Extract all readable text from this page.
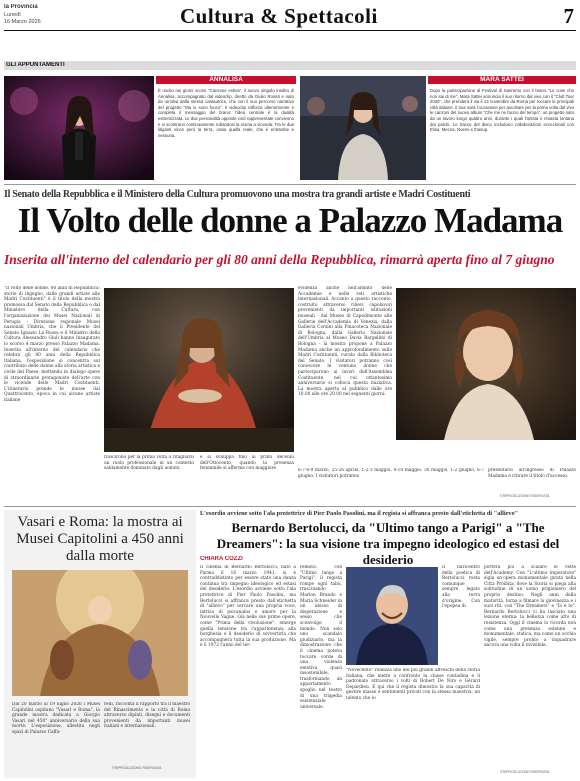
la Provincia
Lunedì
16 Marzo 2026	Cultura & Spettacoli	7
GLI APPUNTAMENTI
ANNALISA
È uscito nei giorni scorsi "Canzone estiva", il nuovo singolo inedito di Annalisa, accompagnato dal videoclip, diretto da Giulio Rosati e nato da un'idea dalla stessa cantautrice, che con il suo percorso narrativo del progetto "Ma io sono fuoco". Il videoclip rafforza ulteriormente e completa il messaggio del brano: l'idea centrale è la dualità estremizzata. Le due personalità opposte così rappresentate convivono e si scontrano continuamente rubandosi la scena a vicenda. Tra le due litiganti vince però la terra, ossia quella reale, che è entrambe e nessuna.
MARA SATTEI
Dopo la partecipazione al Festival di Sanremo con il brano "Le cose che non sai di me", Mara Sattei annuncia il suo ritorno dal vivo con il "Club Tour 2026", che prenderà il via il 13 novembre da Roma per toccare le principali città italiane. Il tour sarà l'occasione per ascoltare per la prima volta dal vivo le canzoni del nuovo album "Che me ne faccio del tempo", un progetto nato da un lavoro lungo quattro anni, durante i quali l'artista è rimasta lontana dai palchi. Le tracce del disco includono collaborazioni eccezionali con Elisa, Mecna, Noemi e thasup.
Il Senato della Repubblica e il Ministero della Cultura promuovono una mostra tra grandi artiste e Madri Costituenti
Il Volto delle donne a Palazzo Madama
Inserita all'interno del calendario per gli 80 anni della Repubblica, rimarrà aperta fino al 7 giugno
"Il volto delle donne. 80 anni di Repubblica: storie di ingegno, dalle grandi artiste alle Madri Costituenti" è il titolo della mostra promossa dal Senato della Repubblica e dal Ministero della Cultura, con l'organizzazione dei Musei Nazionali di Perugia - Direzione regionale Musei nazionali Umbria, che il Presidente del Senato Ignazio La Russa e il Ministro della Cultura Alessandro Giuli hanno inaugurato lo scorso 4 marzo presso Palazzo Madama. Inserita all'interno del calendario che celebra gli 80 anni della Repubblica Italiana, l'esposizione si concentra sul contributo delle donne alla storia artistica e civile del Paese, mettendo in dialogo opere di straordinarie protagoniste dell'arte con le vicende delle Madri Costituenti. L'itinerario prende le mosse dal Quattrocento, epoca in cui alcune artiste italiane
riuscirono per la prima volta a ritagliarsi un ruolo professionale in un contesto saldamente dominato dagli uomini,
e si sviluppa fino ai primi decenni dell'Ottocento, quando la presenza femminile si afferma con maggiore
evidenza anche nell'ambito delle Accademie e nelle reti artistiche internazionali. Accanto a questo racconto, costruito attraverso rilievi capolavori provenienti da importanti istituzioni museali - dal Museo di Capodimonte alle Gallerie dell'Accademia di Venezia, dalla Galleria Corsini alla Pinacoteca Nazionale di Bologna, dalla Galleria Nazionale dell'Umbria al Museo Davia Bargellini di Bologna - la mostra propone a Palazzo Madama anche un approfondimento sulle Madri Costituenti, curato dalla Biblioteca del Senato. I visitatori potranno così conoscere le ventuno donne che parteciparono ai lavori dell'Assemblea Costituente, nel cui ottantesimo anniversario si colloca questa iniziativa. La mostra aperta al pubblico dalle ore 10.00 alle ore 20.00 nei seguenti giorni:
6-7-8-9 marzo, 25-26 aprile, 1-2-3 maggio, 9-10 maggio, 30 maggio, 1-2 giugno, 6-7 giugno. I visitatori potranno
presentarsi all'ingresso di Palazzo Madama e ritirare il titolo d'accesso.
©RIPRODUZIONE RISERVATA
Vasari e Roma: la mostra ai Musei Capitolini a 450 anni dalla morte
Dal 20 marzo al 19 luglio 2026 i Musei Capitolini ospitano "Vasari e Roma", la grande mostra dedicata a Giorgio Vasari nel 450° anniversario della sua morte. L'esposizione, allestita negli spazi di Palazzo Caffa-
relli, racconta il rapporto tra il maestro del Rinascimento e la città di Roma attraverso dipinti, disegni e documenti provenienti da importanti musei italiani e internazionali.
©RIPRODUZIONE RISERVATA
L'esordio avviene sotto l'ala protettrice di Pier Paolo Pasolini, ma il regista si affranca presto dall'etichetta di "allievo"
Bernardo Bertolucci, da "Ultimo tango a Parigi" a "The Dreamers": la sua visione tra impegno ideologico ed estasi del desiderio
CHIARA COZZI
Il cinema di Bernardo Bertolucci, nato a Parma il 16 marzo 1941, si è contraddistinto per essere stato una danza continua tra impegno ideologico ed estasi del desiderio. L'esordio avviene sotto l'ala protettrice di Pier Paolo Pasolini, ma Bertolucci si affranca presto dall'etichetta di "allievo" per cercare una propria voce, intrisa di psicanalisi e amore per la Nouvelle Vague. Già nelle sue prime opere, come "Prima della rivoluzione", emerge quella tensione tra l'appartenenza alla borghesia e il desiderio di sovvertirla che accompagnerà tutta la sua produzione. Ma è il 1972 l'anno del ter-
remoto: con "Ultimo tango a Parigi", il regista rompe ogni tabù, trascinando Marlon Brando e Maria Schneider in un abisso di disperazione e sesso che sconvolge il mondo. Non solo uno scandalo giudiziario, ma la dimostrazione che il cinema poteva toccare corde di una violenza emotiva quasi insostenibile, trasformando un appartamento spoglio nel teatro di una tragedia esistenziale universale.
Il baricentro della poetica di Bertolucci resta comunque sempre legato alla terra d'origine. Con l'epopea di
"Novecento" realizza uno dei più grandi affreschi della storia italiana, che mette a confronto la classe contadina e il padronato attraverso i volti di Robert De Niro e Gérard Depardieu. E qui che il regista dimostra la sua capacità di gestire masse e sentimenti privati con la stessa maestria, un talento che lo
porterà poi a scalare le vette dell'Academy. Con "L'ultimo imperatore" sigla un'opera monumentale girata nella Città Proibita, dove la Storia si piega alla solitudine di un uomo prigioniero del proprio destino. Negli anni della maturità, torna a filmare la giovinezza e i suoi riti, con "The Dreamers" e "Io e te". Bernardo Bertolucci ci ha lasciato una lezione eterna: la bellezza come atto di resistenza. Oggi il cinema lo ricorda non come una presenza solenne e monumentale, statica, ma come un occhio vigile, sempre pronto a inquadrare ancora una volta il invisibile.
©RIPRODUZIONE RISERVATA
